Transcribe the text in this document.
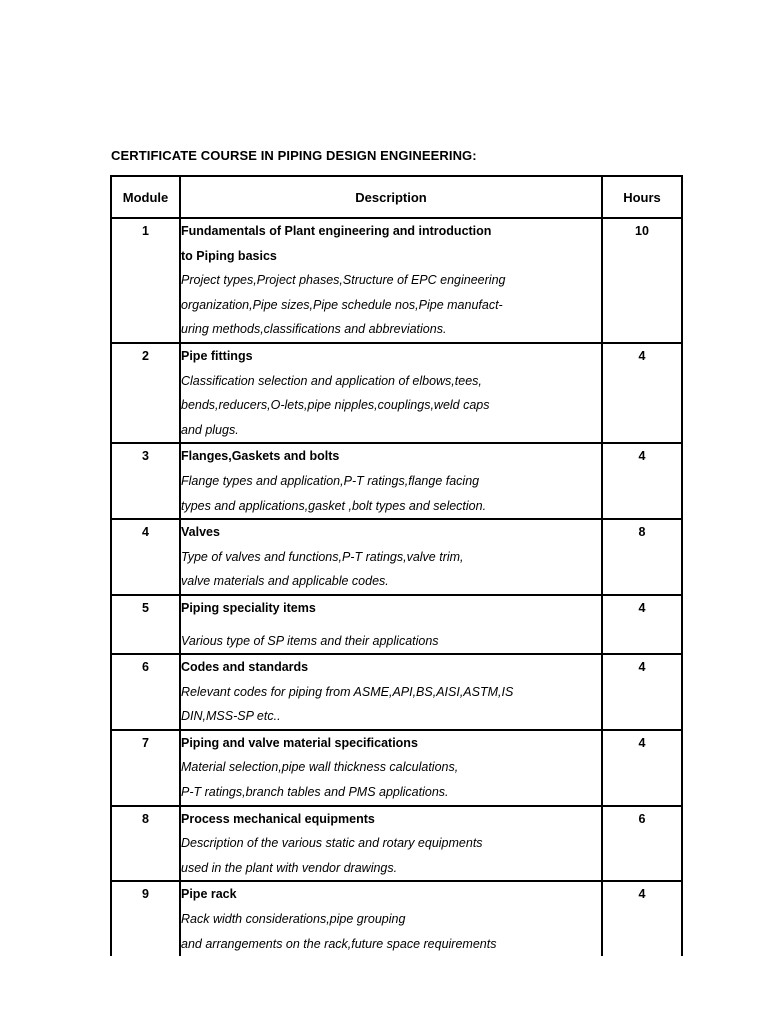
CERTIFICATE COURSE IN PIPING DESIGN ENGINEERING:
Module	Description	Hours
1	Fundamentals of Plant engineering and introduction
to Piping basics
Project types,Project phases,Structure of EPC engineering
organization,Pipe sizes,Pipe schedule nos,Pipe manufact-
uring methods,classifications and abbreviations.	10
2	Pipe fittings
Classification selection and application of elbows,tees,
bends,reducers,O-lets,pipe nipples,couplings,weld caps
and plugs.	4
3	Flanges,Gaskets and bolts
Flange types and application,P-T ratings,flange facing
types and applications,gasket ,bolt types and selection.	4
4	Valves
Type of valves and functions,P-T ratings,valve trim,
valve materials and applicable codes.	8
5	Piping speciality items
Various type of SP items and their applications	4
6	Codes and standards
Relevant codes for piping from ASME,API,BS,AISI,ASTM,IS
DIN,MSS-SP etc..	4
7	Piping and valve material specifications
Material selection,pipe wall thickness calculations,
P-T ratings,branch tables and PMS applications.	4
8	Process mechanical equipments
Description of the various static and rotary equipments
used in the plant with vendor drawings.	6
9	Pipe rack
Rack width considerations,pipe grouping
and arrangements on the rack,future space requirements	4
